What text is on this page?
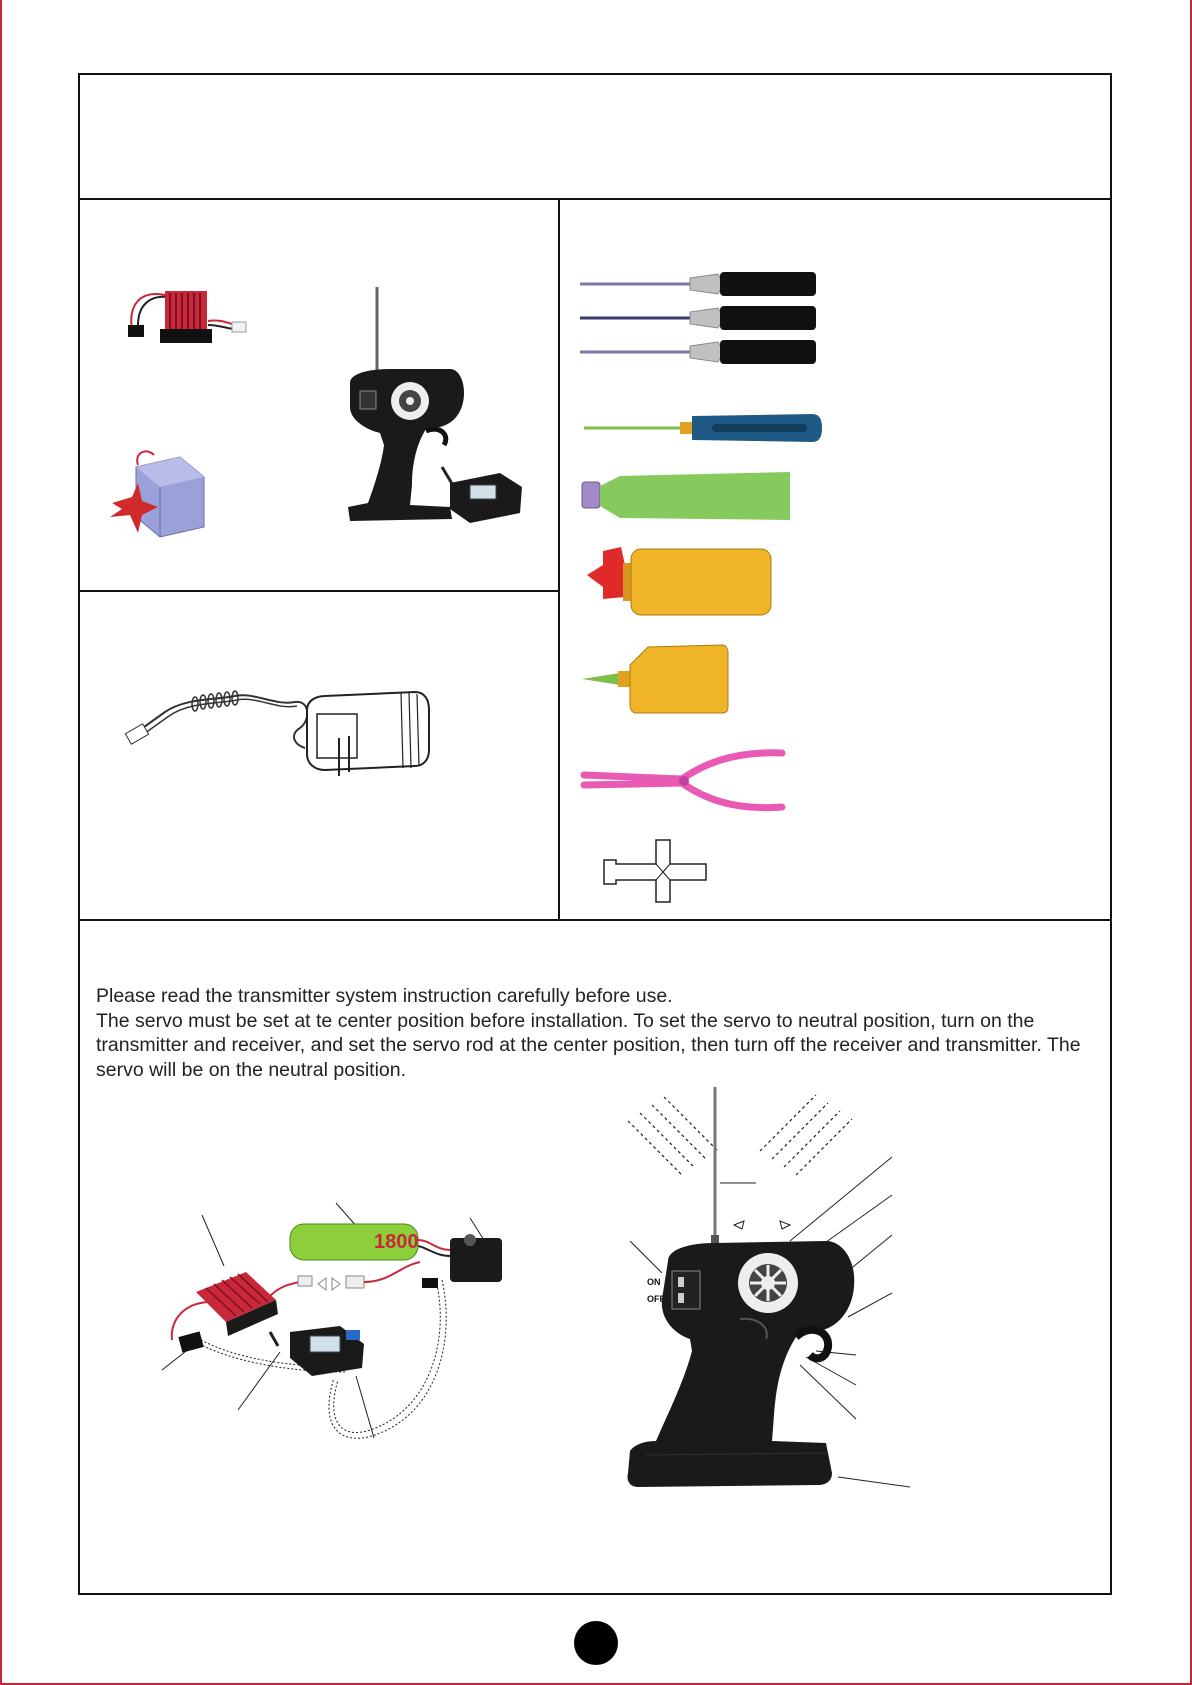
Please read the transmitter system instruction carefully before use.

The servo must be set at te center position before installation. To set the servo to neutral position, turn on the transmitter and receiver, and set the servo rod at the center position, then turn off the receiver and transmitter. The servo will be on the neutral position.

1800
ON
OFF
